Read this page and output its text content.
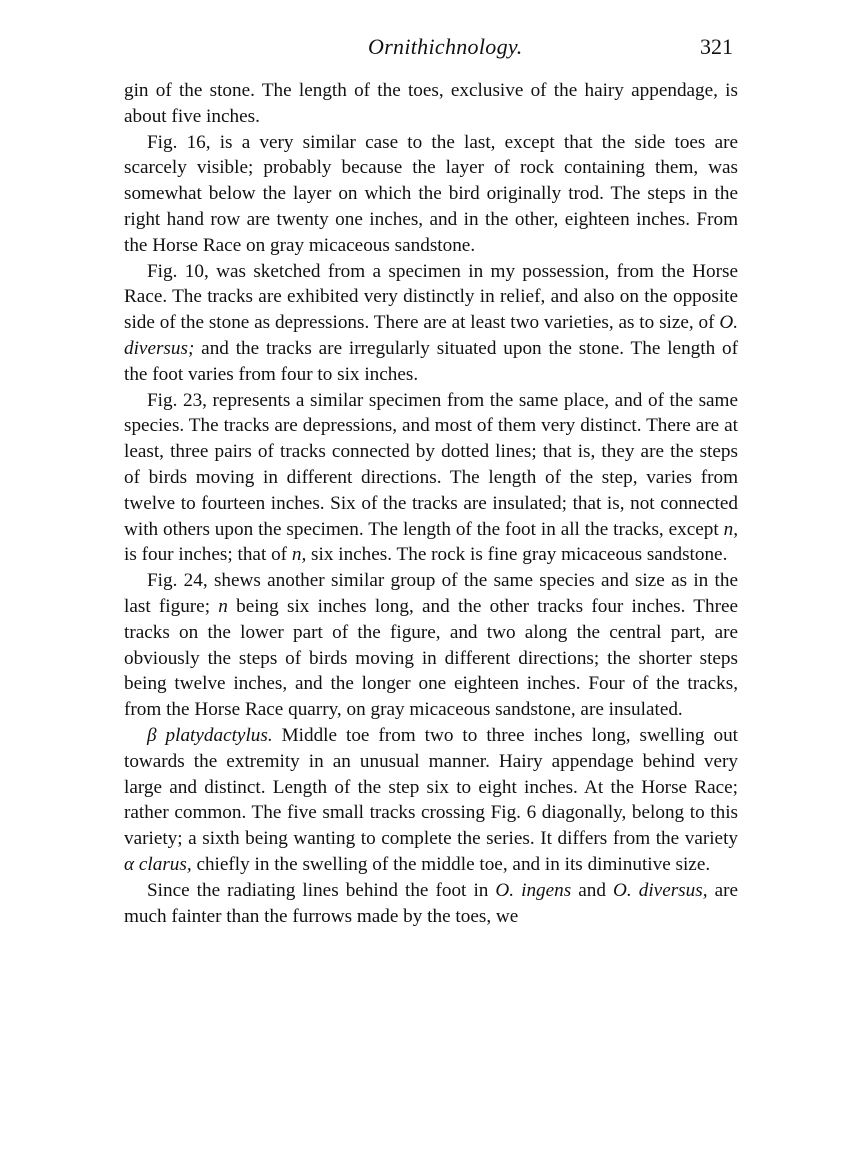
Ornithichnology.	321

gin of the stone. The length of the toes, exclusive of the hairy appendage, is about five inches.

Fig. 16, is a very similar case to the last, except that the side toes are scarcely visible; probably because the layer of rock containing them, was somewhat below the layer on which the bird originally trod. The steps in the right hand row are twenty one inches, and in the other, eighteen inches. From the Horse Race on gray micaceous sandstone.

Fig. 10, was sketched from a specimen in my possession, from the Horse Race. The tracks are exhibited very distinctly in relief, and also on the opposite side of the stone as depressions. There are at least two varieties, as to size, of O. diversus; and the tracks are irregularly situated upon the stone. The length of the foot varies from four to six inches.

Fig. 23, represents a similar specimen from the same place, and of the same species. The tracks are depressions, and most of them very distinct. There are at least, three pairs of tracks connected by dotted lines; that is, they are the steps of birds moving in different directions. The length of the step, varies from twelve to fourteen inches. Six of the tracks are insulated; that is, not connected with others upon the specimen. The length of the foot in all the tracks, except n, is four inches; that of n, six inches. The rock is fine gray micaceous sandstone.

Fig. 24, shews another similar group of the same species and size as in the last figure; n being six inches long, and the other tracks four inches. Three tracks on the lower part of the figure, and two along the central part, are obviously the steps of birds moving in different directions; the shorter steps being twelve inches, and the longer one eighteen inches. Four of the tracks, from the Horse Race quarry, on gray micaceous sandstone, are insulated.

β platydactylus. Middle toe from two to three inches long, swelling out towards the extremity in an unusual manner. Hairy appendage behind very large and distinct. Length of the step six to eight inches. At the Horse Race; rather common. The five small tracks crossing Fig. 6 diagonally, belong to this variety; a sixth being wanting to complete the series. It differs from the variety α clarus, chiefly in the swelling of the middle toe, and in its diminutive size.

Since the radiating lines behind the foot in O. ingens and O. diversus, are much fainter than the furrows made by the toes, we
